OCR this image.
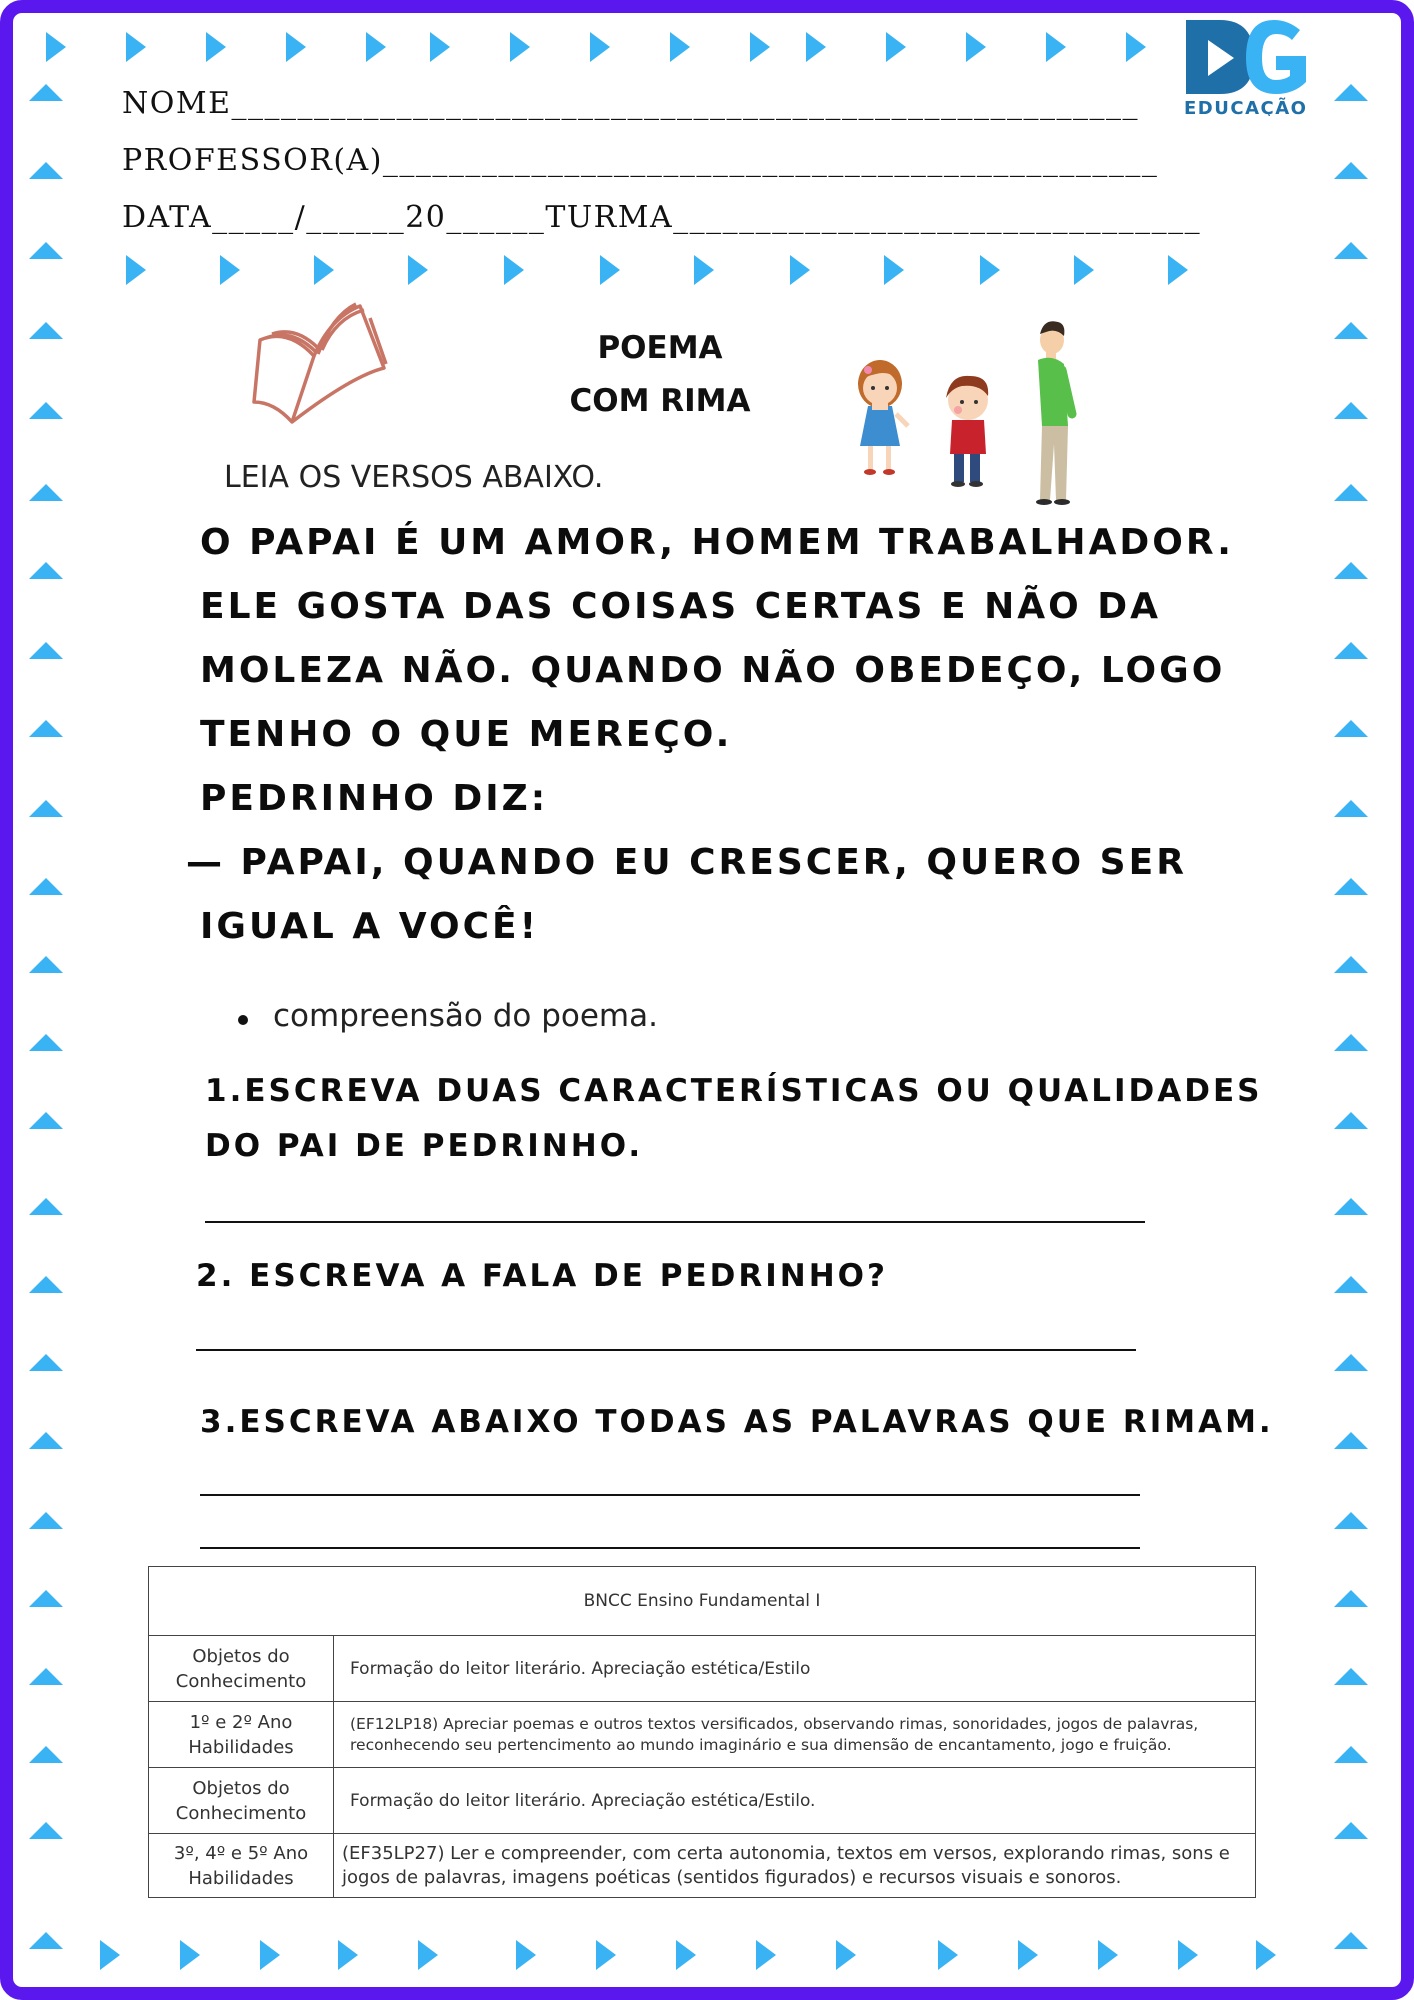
NOME_______________________________________________________
PROFESSOR(A)_______________________________________________
DATA_____/______20______TURMA________________________________
EDUCAÇÃO
POEMA
COM RIMA
LEIA OS VERSOS ABAIXO.
O PAPAI É UM AMOR, HOMEM TRABALHADOR.
ELE GOSTA DAS COISAS CERTAS E NÃO DA
MOLEZA NÃO. QUANDO NÃO OBEDEÇO, LOGO
TENHO O QUE MEREÇO.
PEDRINHO DIZ:
— PAPAI, QUANDO EU CRESCER, QUERO SER
IGUAL A VOCÊ!
compreensão do poema.
1.ESCREVA DUAS CARACTERÍSTICAS OU QUALIDADES
DO PAI DE PEDRINHO.
2. ESCREVA A FALA DE PEDRINHO?
3.ESCREVA ABAIXO TODAS AS PALAVRAS QUE RIMAM.
BNCC Ensino Fundamental I	
Objetos do Conhecimento	Formação do leitor literário. Apreciação estética/Estilo
1º e 2º Ano Habilidades	(EF12LP18) Apreciar poemas e outros textos versificados, observando rimas, sonoridades, jogos de palavras, reconhecendo seu pertencimento ao mundo imaginário e sua dimensão de encantamento, jogo e fruição.
Objetos do Conhecimento	Formação do leitor literário. Apreciação estética/Estilo.
3º, 4º e 5º Ano Habilidades	(EF35LP27) Ler e compreender, com certa autonomia, textos em versos, explorando rimas, sons e jogos de palavras, imagens poéticas (sentidos figurados) e recursos visuais e sonoros.
